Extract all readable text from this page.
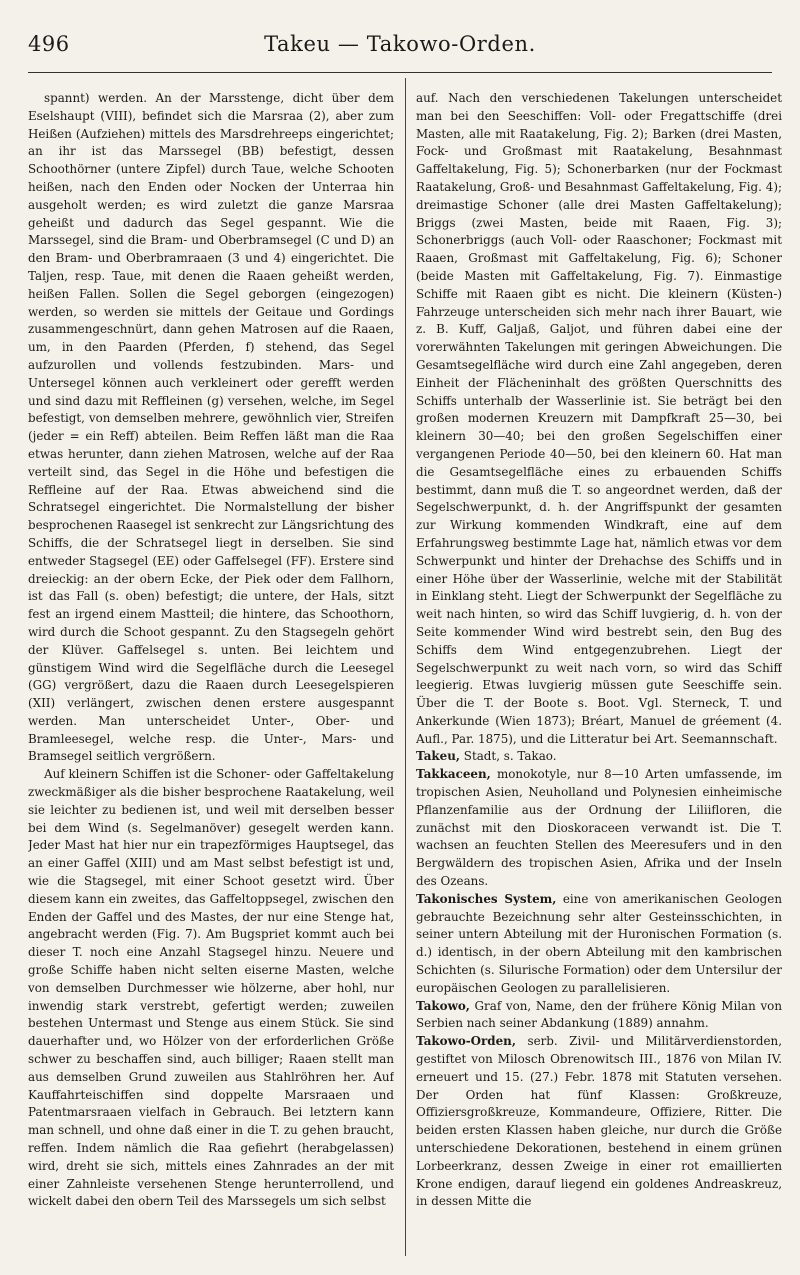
496	Takeu — Takowo-Orden.

spannt) werden. An der Marsstenge, dicht über dem Eselshaupt (VIII), befindet sich die Marsraa (2), aber zum Heißen (Aufziehen) mittels des Marsdrehreeps eingerichtet; an ihr ist das Marssegel (BB) befestigt, dessen Schoothörner (untere Zipfel) durch Taue, welche Schooten heißen, nach den Enden oder Nocken der Unterraa hin ausgeholt werden; es wird zuletzt die ganze Marsraa geheißt und dadurch das Segel gespannt. Wie die Marssegel, sind die Bram- und Oberbramsegel (C und D) an den Bram- und Oberbramraaen (3 und 4) eingerichtet. Die Taljen, resp. Taue, mit denen die Raaen geheißt werden, heißen Fallen. Sollen die Segel geborgen (eingezogen) werden, so werden sie mittels der Geitaue und Gordings zusammengeschnürt, dann gehen Matrosen auf die Raaen, um, in den Paarden (Pferden, f) stehend, das Segel aufzurollen und vollends festzubinden. Mars- und Untersegel können auch verkleinert oder gerefft werden und sind dazu mit Reffleinen (g) versehen, welche, im Segel befestigt, von demselben mehrere, gewöhnlich vier, Streifen (jeder = ein Reff) abteilen. Beim Reffen läßt man die Raa etwas herunter, dann ziehen Matrosen, welche auf der Raa verteilt sind, das Segel in die Höhe und befestigen die Reffleine auf der Raa. Etwas abweichend sind die Schratsegel eingerichtet. Die Normalstellung der bisher besprochenen Raasegel ist senkrecht zur Längsrichtung des Schiffs, die der Schratsegel liegt in derselben. Sie sind entweder Stagsegel (EE) oder Gaffelsegel (FF). Erstere sind dreieckig: an der obern Ecke, der Piek oder dem Fallhorn, ist das Fall (s. oben) befestigt; die untere, der Hals, sitzt fest an irgend einem Mastteil; die hintere, das Schoothorn, wird durch die Schoot gespannt. Zu den Stagsegeln gehört der Klüver. Gaffelsegel s. unten. Bei leichtem und günstigem Wind wird die Segelfläche durch die Leesegel (GG) vergrößert, dazu die Raaen durch Leesegelspieren (XII) verlängert, zwischen denen erstere ausgespannt werden. Man unterscheidet Unter-, Ober- und Bramleesegel, welche resp. die Unter-, Mars- und Bramsegel seitlich vergrößern.

Auf kleinern Schiffen ist die Schoner- oder Gaffeltakelung zweckmäßiger als die bisher besprochene Raatakelung, weil sie leichter zu bedienen ist, und weil mit derselben besser bei dem Wind (s. Segelmanöver) gesegelt werden kann. Jeder Mast hat hier nur ein trapezförmiges Hauptsegel, das an einer Gaffel (XIII) und am Mast selbst befestigt ist und, wie die Stagsegel, mit einer Schoot gesetzt wird. Über diesem kann ein zweites, das Gaffeltoppsegel, zwischen den Enden der Gaffel und des Mastes, der nur eine Stenge hat, angebracht werden (Fig. 7). Am Bugspriet kommt auch bei dieser T. noch eine Anzahl Stagsegel hinzu. Neuere und große Schiffe haben nicht selten eiserne Masten, welche von demselben Durchmesser wie hölzerne, aber hohl, nur inwendig stark verstrebt, gefertigt werden; zuweilen bestehen Untermast und Stenge aus einem Stück. Sie sind dauerhafter und, wo Hölzer von der erforderlichen Größe schwer zu beschaffen sind, auch billiger; Raaen stellt man aus demselben Grund zuweilen aus Stahlröhren her. Auf Kauffahrteischiffen sind doppelte Marsraaen und Patentmarsraaen vielfach in Gebrauch. Bei letztern kann man schnell, und ohne daß einer in die T. zu gehen braucht, reffen. Indem nämlich die Raa gefiehrt (herabgelassen) wird, dreht sie sich, mittels eines Zahnrades an der mit einer Zahnleiste versehenen Stenge herunterrollend, und wickelt dabei den obern Teil des Marssegels um sich selbst

auf. Nach den verschiedenen Takelungen unterscheidet man bei den Seeschiffen: Voll- oder Fregattschiffe (drei Masten, alle mit Raatakelung, Fig. 2); Barken (drei Masten, Fock- und Großmast mit Raatakelung, Besahnmast Gaffeltakelung, Fig. 5); Schonerbarken (nur der Fockmast Raatakelung, Groß- und Besahnmast Gaffeltakelung, Fig. 4); dreimastige Schoner (alle drei Masten Gaffeltakelung); Briggs (zwei Masten, beide mit Raaen, Fig. 3); Schonerbriggs (auch Voll- oder Raaschoner; Fockmast mit Raaen, Großmast mit Gaffeltakelung, Fig. 6); Schoner (beide Masten mit Gaffeltakelung, Fig. 7). Einmastige Schiffe mit Raaen gibt es nicht. Die kleinern (Küsten-) Fahrzeuge unterscheiden sich mehr nach ihrer Bauart, wie z. B. Kuff, Galjaß, Galjot, und führen dabei eine der vorerwähnten Takelungen mit geringen Abweichungen. Die Gesamtsegelfläche wird durch eine Zahl angegeben, deren Einheit der Flächeninhalt des größten Querschnitts des Schiffs unterhalb der Wasserlinie ist. Sie beträgt bei den großen modernen Kreuzern mit Dampfkraft 25—30, bei kleinern 30—40; bei den großen Segelschiffen einer vergangenen Periode 40—50, bei den kleinern 60. Hat man die Gesamtsegelfläche eines zu erbauenden Schiffs bestimmt, dann muß die T. so angeordnet werden, daß der Segelschwerpunkt, d. h. der Angriffspunkt der gesamten zur Wirkung kommenden Windkraft, eine auf dem Erfahrungsweg bestimmte Lage hat, nämlich etwas vor dem Schwerpunkt und hinter der Drehachse des Schiffs und in einer Höhe über der Wasserlinie, welche mit der Stabilität in Einklang steht. Liegt der Schwerpunkt der Segelfläche zu weit nach hinten, so wird das Schiff luvgierig, d. h. von der Seite kommender Wind wird bestrebt sein, den Bug des Schiffs dem Wind entgegenzubrehen. Liegt der Segelschwerpunkt zu weit nach vorn, so wird das Schiff leegierig. Etwas luvgierig müssen gute Seeschiffe sein. Über die T. der Boote s. Boot. Vgl. Sterneck, T. und Ankerkunde (Wien 1873); Bréart, Manuel de gréement (4. Aufl., Par. 1875), und die Litteratur bei Art. Seemannschaft.

Takeu, Stadt, s. Takao.

Takkaceen, monokotyle, nur 8—10 Arten umfassende, im tropischen Asien, Neuholland und Polynesien einheimische Pflanzenfamilie aus der Ordnung der Liliifloren, die zunächst mit den Dioskoraceen verwandt ist. Die T. wachsen an feuchten Stellen des Meeresufers und in den Bergwäldern des tropischen Asien, Afrika und der Inseln des Ozeans.

Takonisches System, eine von amerikanischen Geologen gebrauchte Bezeichnung sehr alter Gesteinsschichten, in seiner untern Abteilung mit der Huronischen Formation (s. d.) identisch, in der obern Abteilung mit den kambrischen Schichten (s. Silurische Formation) oder dem Untersilur der europäischen Geologen zu parallelisieren.

Takowo, Graf von, Name, den der frühere König Milan von Serbien nach seiner Abdankung (1889) annahm.

Takowo-Orden, serb. Zivil- und Militärverdienstorden, gestiftet von Milosch Obrenowitsch III., 1876 von Milan IV. erneuert und 15. (27.) Febr. 1878 mit Statuten versehen. Der Orden hat fünf Klassen: Großkreuze, Offiziersgroßkreuze, Kommandeure, Offiziere, Ritter. Die beiden ersten Klassen haben gleiche, nur durch die Größe unterschiedene Dekorationen, bestehend in einem grünen Lorbeerkranz, dessen Zweige in einer rot emaillierten Krone endigen, darauf liegend ein goldenes Andreaskreuz, in dessen Mitte die
